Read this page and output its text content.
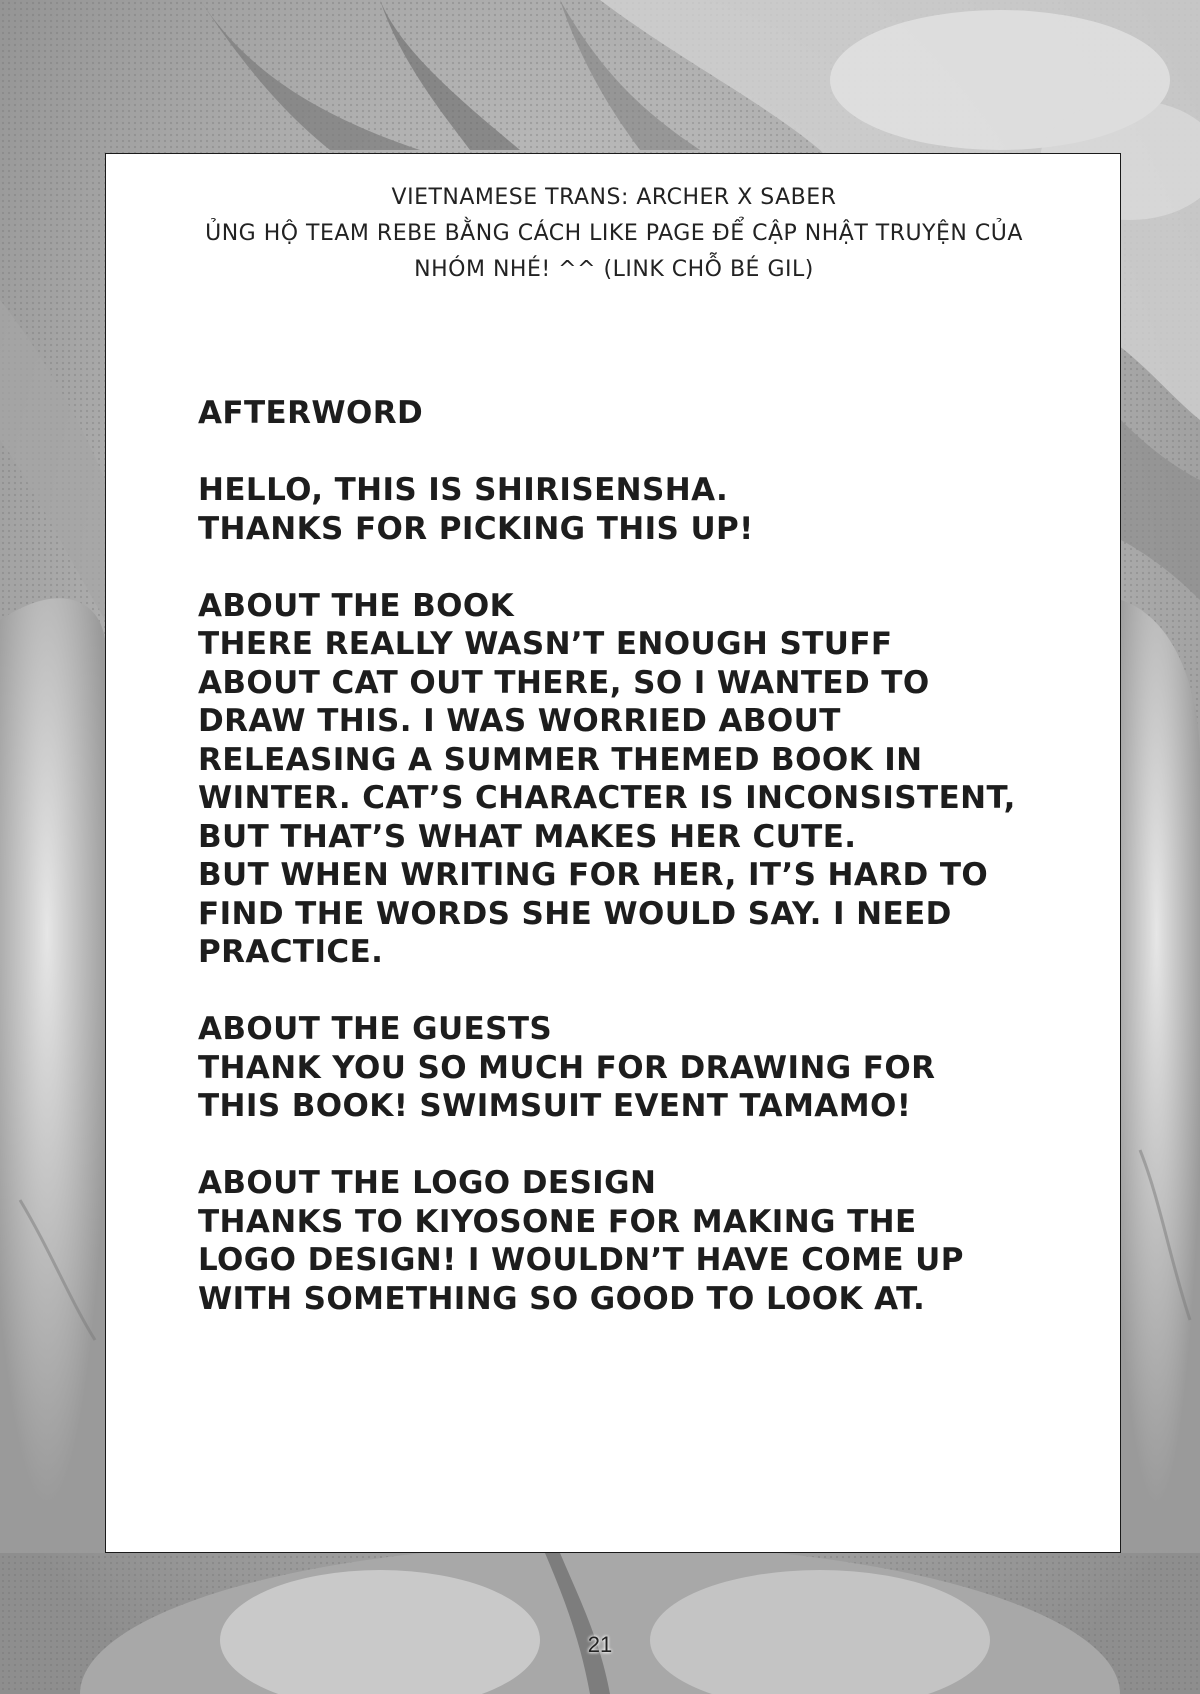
VIETNAMESE TRANS: ARCHER X SABER
ỦNG HỘ TEAM REBE BẰNG CÁCH LIKE PAGE ĐỂ CẬP NHẬT TRUYỆN CỦA
NHÓM NHÉ! ^^ (LINK CHỖ BÉ GIL)
AFTERWORD
HELLO, THIS IS SHIRISENSHA.
THANKS FOR PICKING THIS UP!
ABOUT THE BOOK
THERE REALLY WASN’T ENOUGH STUFF
ABOUT CAT OUT THERE, SO I WANTED TO
DRAW THIS. I WAS WORRIED ABOUT
RELEASING A SUMMER THEMED BOOK IN
WINTER. CAT’S CHARACTER IS INCONSISTENT,
BUT THAT’S WHAT MAKES HER CUTE.
BUT WHEN WRITING FOR HER, IT’S HARD TO
FIND THE WORDS SHE WOULD SAY. I NEED
PRACTICE.
ABOUT THE GUESTS
THANK YOU SO MUCH FOR DRAWING FOR
THIS BOOK! SWIMSUIT EVENT TAMAMO!
ABOUT THE LOGO DESIGN
THANKS TO KIYOSONE FOR MAKING THE
LOGO DESIGN! I WOULDN’T HAVE COME UP
WITH SOMETHING SO GOOD TO LOOK AT.
21
